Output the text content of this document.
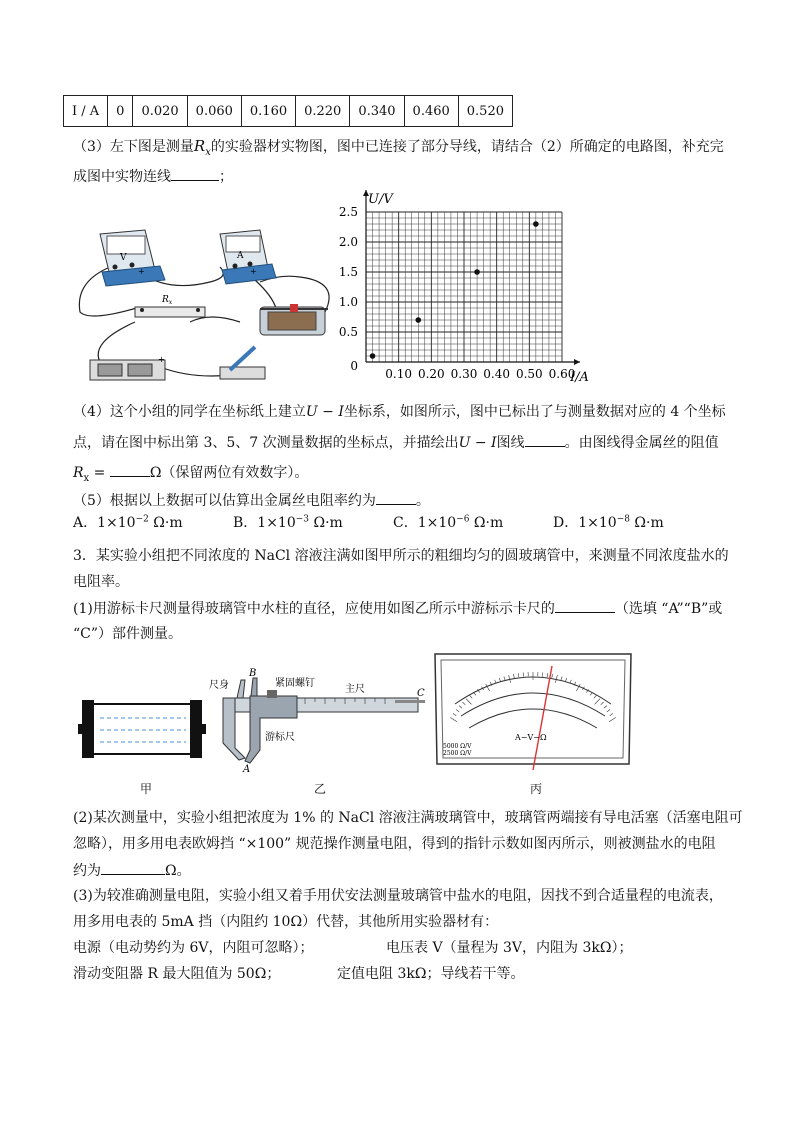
I / A	0	0.020	0.060	0.160	0.220	0.340	0.460	0.520
（3）左下图是测量$R_x$的实验器材实物图，图中已连接了部分导线，请结合（2）所确定的电路图，补充完
成图中实物连线	；
V
+
A
+
$R_x$
+
0.10 0.20 0.30 0.40 0.50 0.60
0
0.5
1.0
1.5
2.0
2.5
U/V
I/A
（4）这个小组的同学在坐标纸上建立U − I坐标系，如图所示，图中已标出了与测量数据对应的 4 个坐标
点，请在图中标出第 3、5、7 次测量数据的坐标点，并描绘出U − I图线	。由图线得金属丝的阻值
$R_x$ =	Ω（保留两位有效数字）。
（5）根据以上数据可以估算出金属丝电阻率约为	。
A．$1\times 10^{-2}$ Ω·m	B．$1\times 10^{-3}$ Ω·m	C．$1\times 10^{-6}$ Ω·m	D．$1\times 10^{-8}$ Ω·m
3．某实验小组把不同浓度的 NaCl 溶液注满如图甲所示的粗细均匀的圆玻璃管中，来测量不同浓度盐水的
电阻率。
(1)用游标卡尺测量得玻璃管中水柱的直径，应使用如图乙所示中游标示卡尺的	（选填 “A”“B”或
“C”）部件测量。
甲
尺身
B
紧固螺钉
主尺	C
游标尺
A
乙
A−V−Ω
5000 Ω/V
2500 Ω/V
丙
(2)某次测量中，实验小组把浓度为 1% 的 NaCl 溶液注满玻璃管中，玻璃管两端接有导电活塞（活塞电阻可
忽略），用多用电表欧姆挡 “×100” 规范操作测量电阻，得到的指针示数如图丙所示，则被测盐水的电阻
约为	Ω。
(3)为较准确测量电阻，实验小组又着手用伏安法测量玻璃管中盐水的电阻，因找不到合适量程的电流表，
用多用电表的 5mA 挡（内阻约 10Ω）代替，其他所用实验器材有：
电源（电动势约为 6V，内阻可忽略）；	电压表 V（量程为 3V，内阻为 3kΩ）；
滑动变阻器 R 最大阻值为 50Ω；	定值电阻 3kΩ；导线若干等。
